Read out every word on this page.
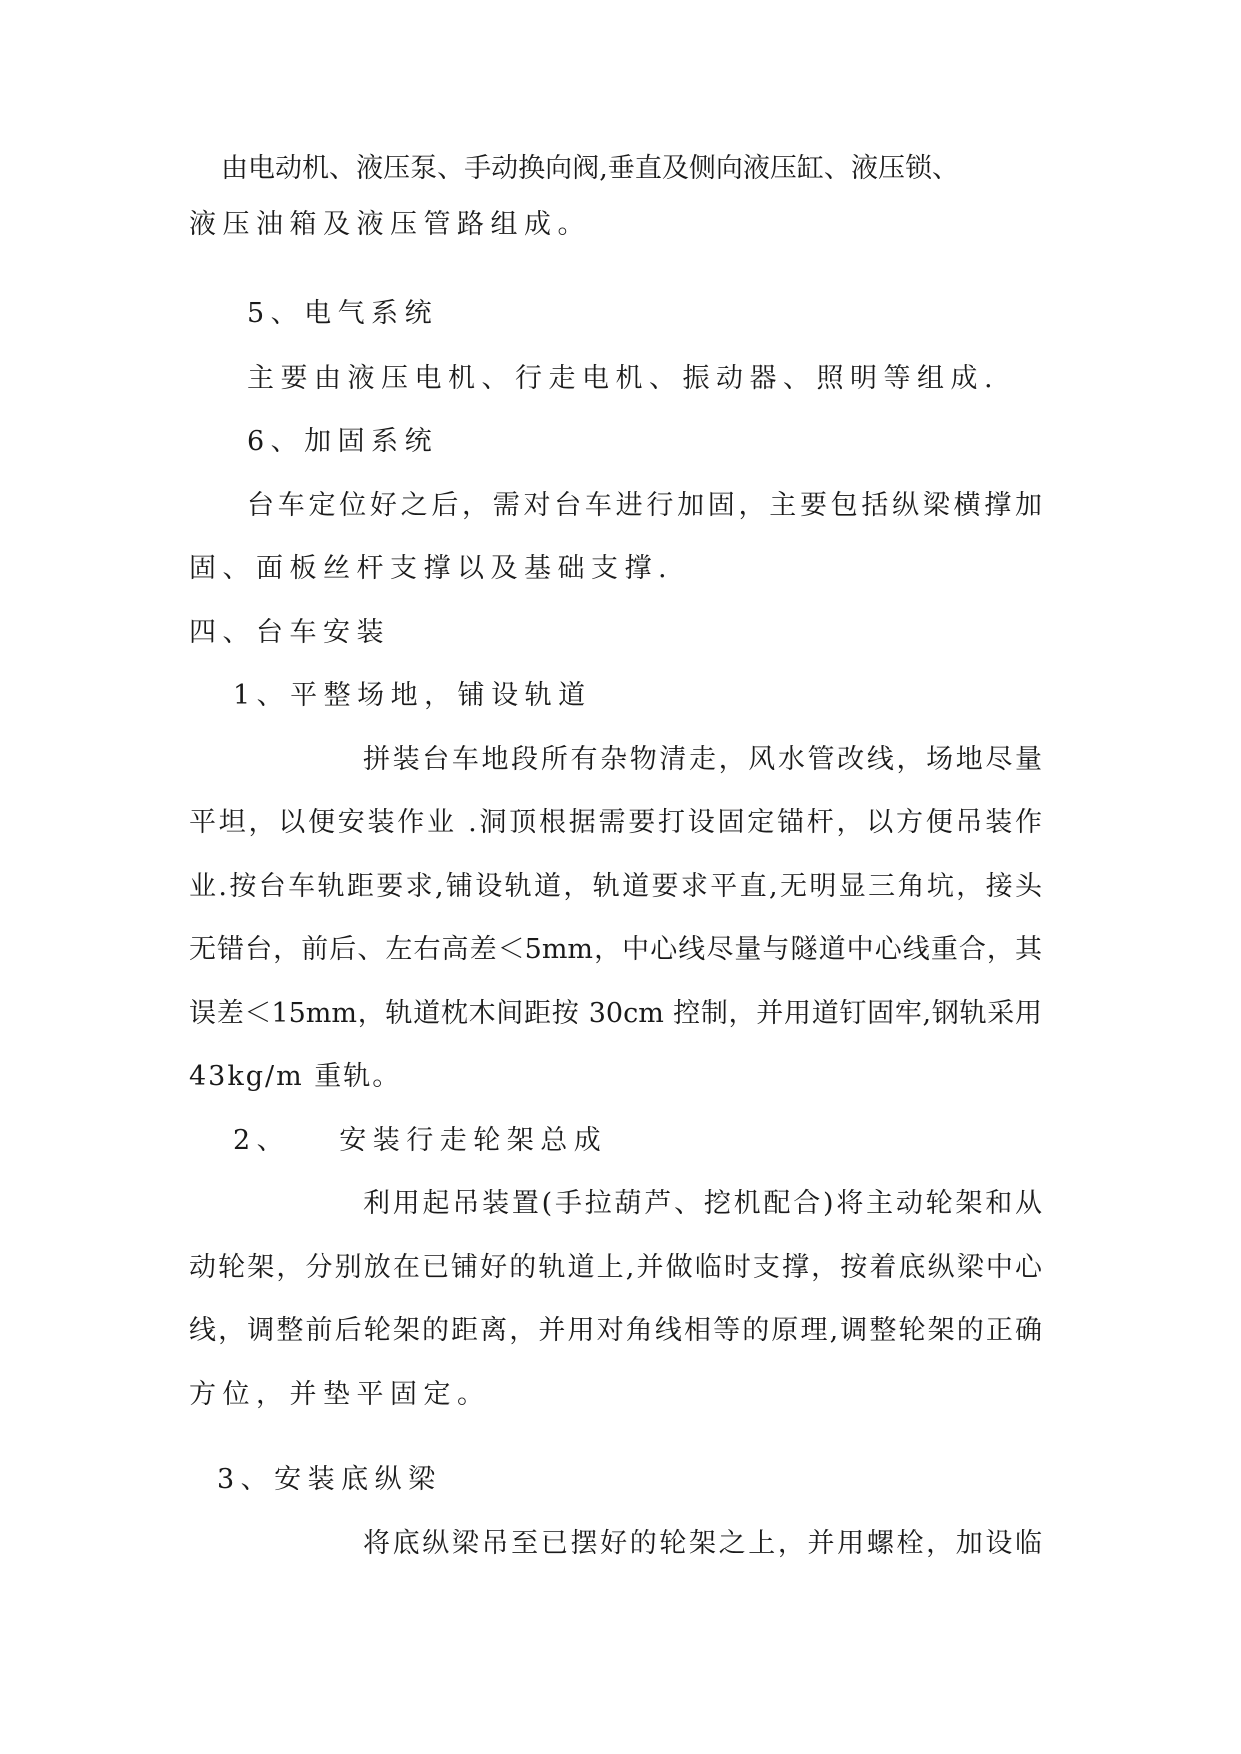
由电动机、液压泵、手动换向阀,垂直及侧向液压缸、液压锁、
液压油箱及液压管路组成。
5、电气系统
主要由液压电机、行走电机、振动器、照明等组成.
6、加固系统
台车定位好之后，需对台车进行加固，主要包括纵梁横撑加
固、面板丝杆支撑以及基础支撑.
四、台车安装
1、平整场地，铺设轨道
拼装台车地段所有杂物清走，风水管改线，场地尽量
平坦，以便安装作业 .洞顶根据需要打设固定锚杆，以方便吊装作
业.按台车轨距要求,铺设轨道，轨道要求平直,无明显三角坑，接头
无错台，前后、左右高差＜5mm，中心线尽量与隧道中心线重合，其
误差＜15mm，轨道枕木间距按 30cm 控制，并用道钉固牢,钢轨采用
43kg/m 重轨。
2、 安装行走轮架总成
利用起吊装置(手拉葫芦、挖机配合)将主动轮架和从
动轮架，分别放在已铺好的轨道上,并做临时支撑，按着底纵梁中心
线，调整前后轮架的距离，并用对角线相等的原理,调整轮架的正确
方位，并垫平固定。
3、安装底纵梁
将底纵梁吊至已摆好的轮架之上，并用螺栓，加设临
